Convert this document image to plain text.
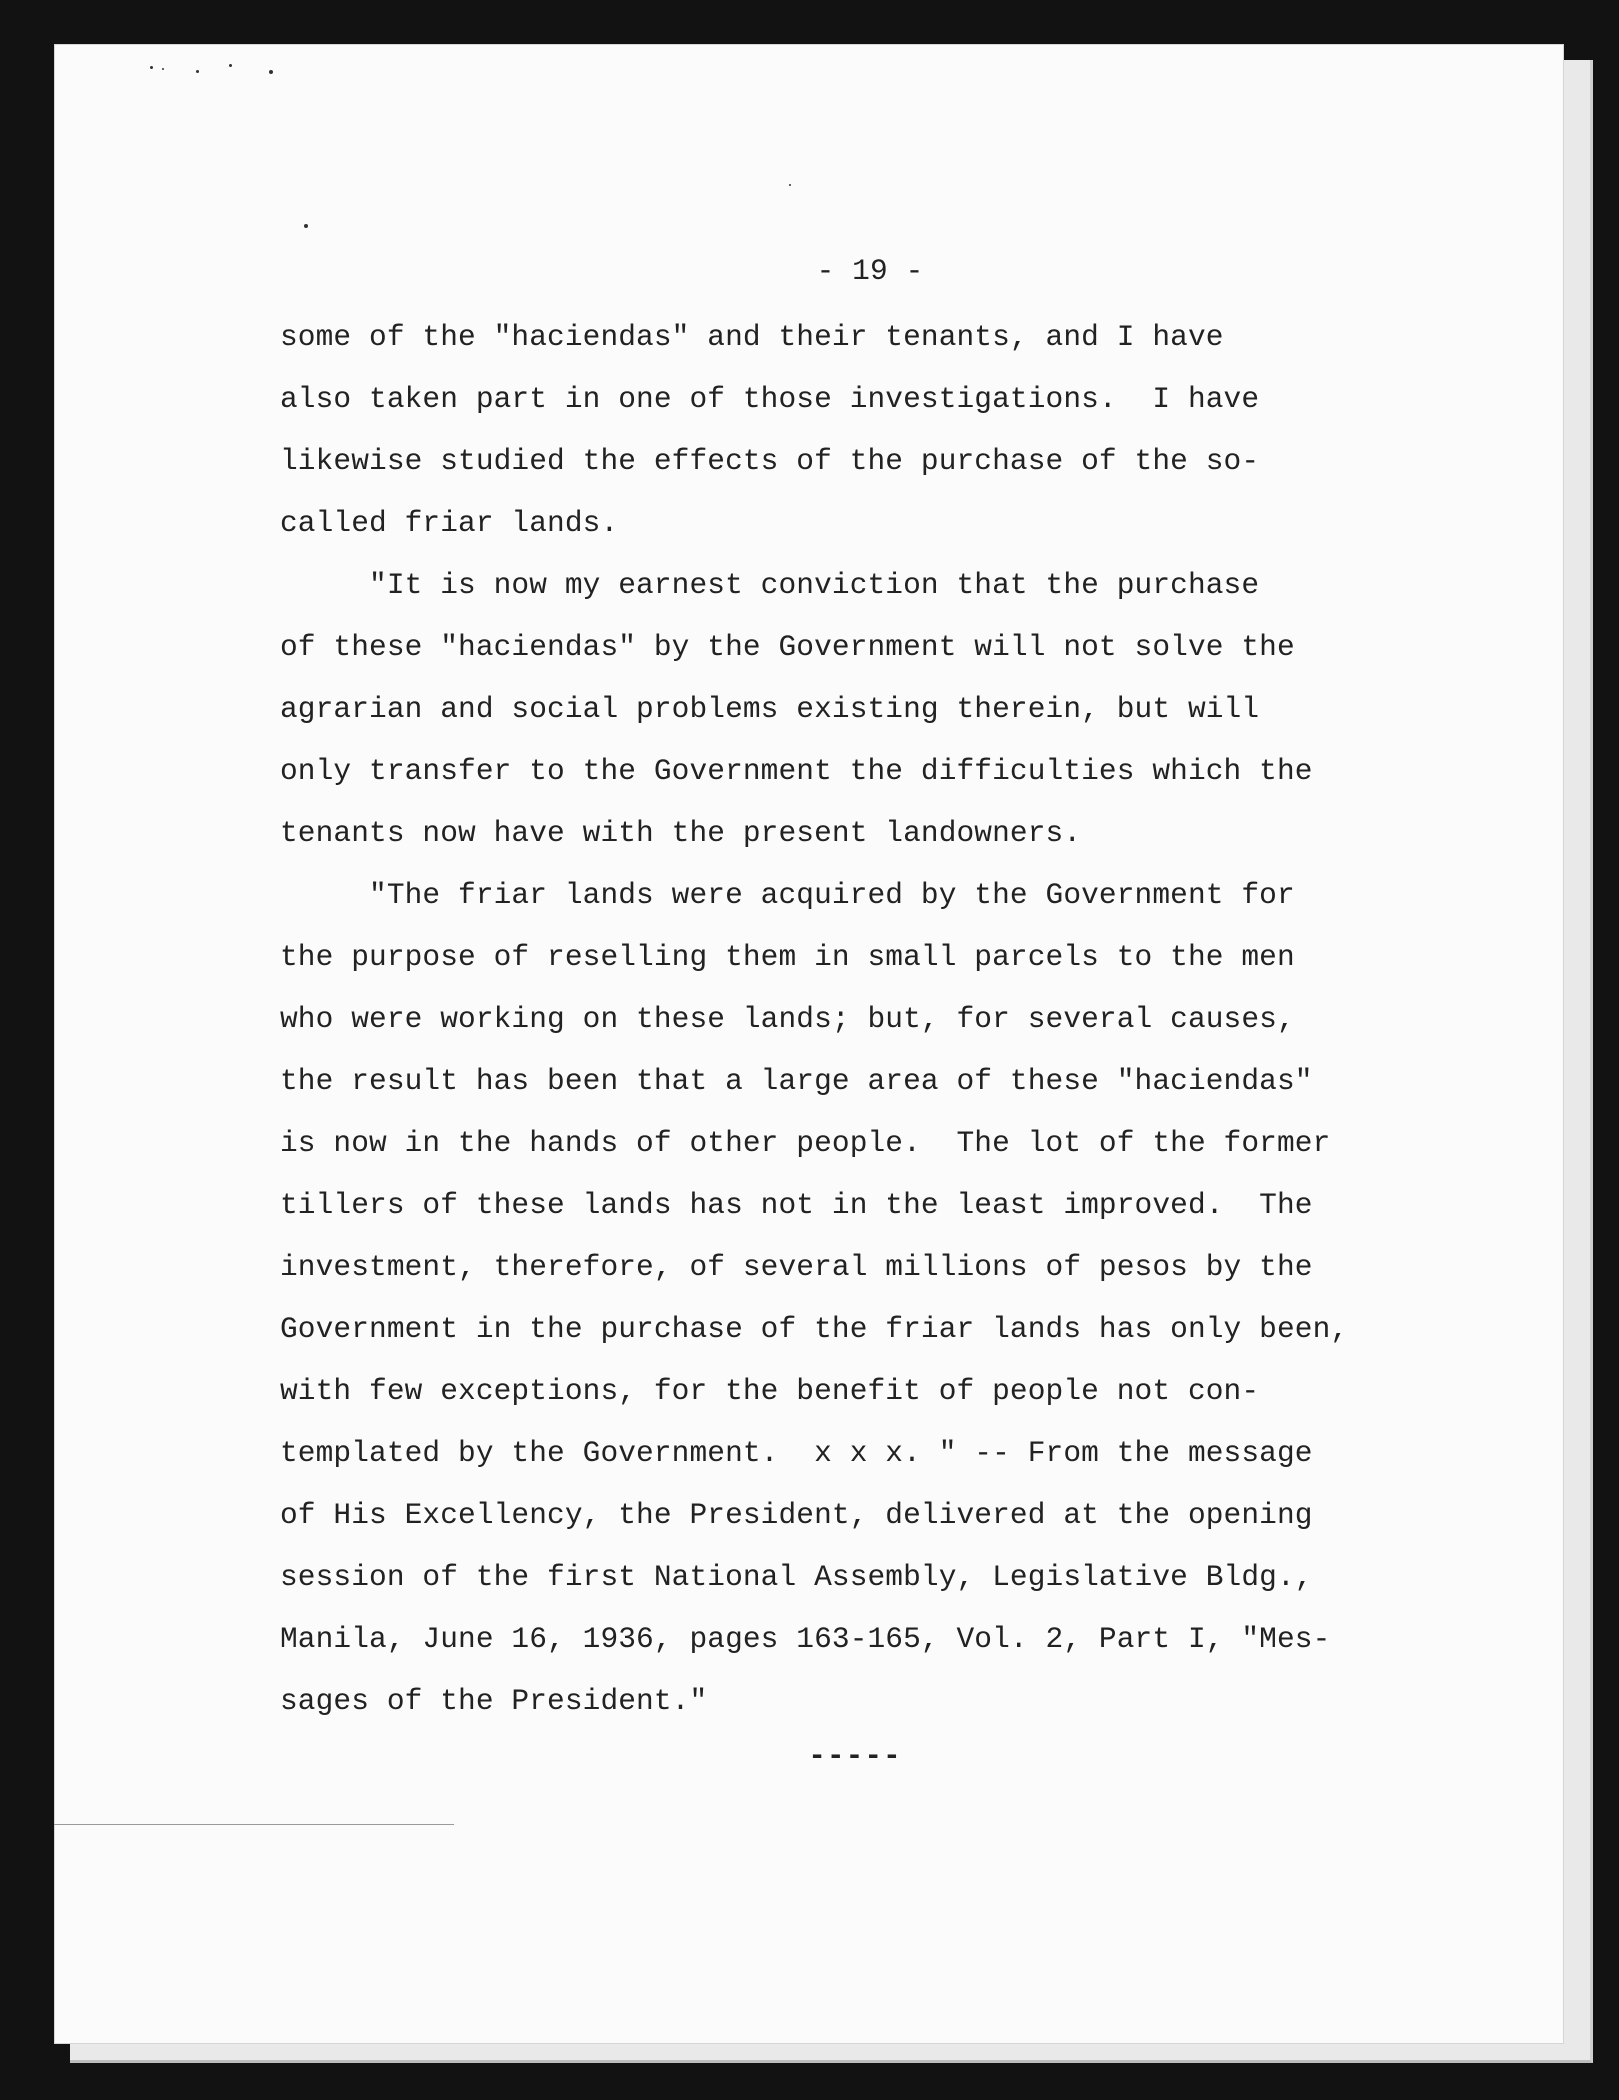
- 19 -

some of the "haciendas" and their tenants, and I have
also taken part in one of those investigations.  I have
likewise studied the effects of the purchase of the so-
called friar lands.
"It is now my earnest conviction that the purchase
of these "haciendas" by the Government will not solve the
agrarian and social problems existing therein, but will
only transfer to the Government the difficulties which the
tenants now have with the present landowners.
"The friar lands were acquired by the Government for
the purpose of reselling them in small parcels to the men
who were working on these lands; but, for several causes,
the result has been that a large area of these "haciendas"
is now in the hands of other people.  The lot of the former
tillers of these lands has not in the least improved.  The
investment, therefore, of several millions of pesos by the
Government in the purchase of the friar lands has only been,
with few exceptions, for the benefit of people not con-
templated by the Government.  x x x. " -- From the message
of His Excellency, the President, delivered at the opening
session of the first National Assembly, Legislative Bldg.,
Manila, June 16, 1936, pages 163-165, Vol. 2, Part I, "Mes-
sages of the President."
-----
